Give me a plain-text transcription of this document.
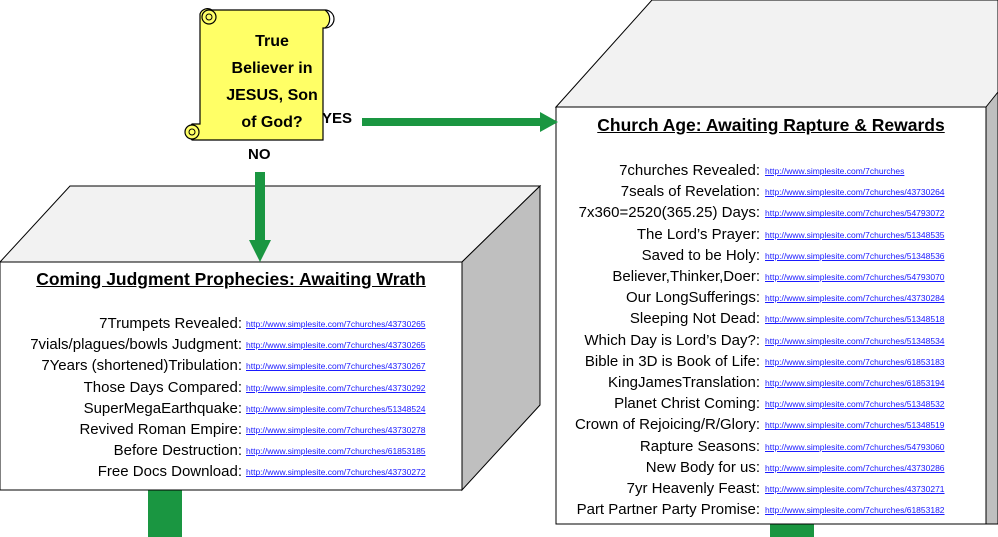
True
Believer in
JESUS, Son
of God?	YES
NO
Coming Judgment Prophecies: Awaiting Wrath
Church Age: Awaiting Rapture & Rewards
7Trumpets Revealed: http://www.simplesite.com/7churches/43730265
7vials/plagues/bowls Judgment: http://www.simplesite.com/7churches/43730265
7Years (shortened)Tribulation: http://www.simplesite.com/7churches/43730267
Those Days Compared: http://www.simplesite.com/7churches/43730292
SuperMegaEarthquake: http://www.simplesite.com/7churches/51348524
Revived Roman Empire: http://www.simplesite.com/7churches/43730278
Before Destruction: http://www.simplesite.com/7churches/61853185
Free Docs Download: http://www.simplesite.com/7churches/43730272
7churches Revealed: http://www.simplesite.com/7churches
7seals of Revelation: http://www.simplesite.com/7churches/43730264
7x360=2520(365.25) Days: http://www.simplesite.com/7churches/54793072
The Lord’s Prayer: http://www.simplesite.com/7churches/51348535
Saved to be Holy: http://www.simplesite.com/7churches/51348536
Believer,Thinker,Doer: http://www.simplesite.com/7churches/54793070
Our LongSufferings: http://www.simplesite.com/7churches/43730284
Sleeping Not Dead: http://www.simplesite.com/7churches/51348518
Which Day is Lord’s Day?: http://www.simplesite.com/7churches/51348534
Bible in 3D is Book of Life: http://www.simplesite.com/7churches/61853183
KingJamesTranslation: http://www.simplesite.com/7churches/61853194
Planet Christ Coming: http://www.simplesite.com/7churches/51348532
Crown of Rejoicing/R/Glory: http://www.simplesite.com/7churches/51348519
Rapture Seasons: http://www.simplesite.com/7churches/54793060
New Body for us: http://www.simplesite.com/7churches/43730286
7yr Heavenly Feast: http://www.simplesite.com/7churches/43730271
Part Partner Party Promise: http://www.simplesite.com/7churches/61853182
